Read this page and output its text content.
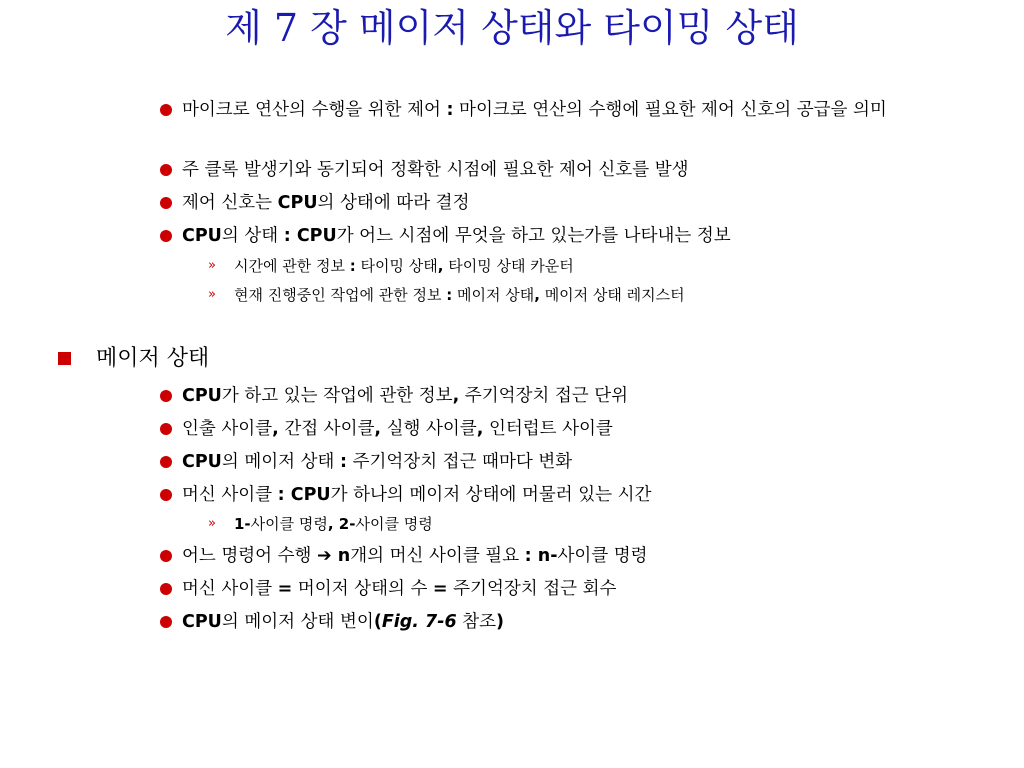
제 7 장 메이저 상태와 타이밍 상태
마이크로 연산의 수행을 위한 제어 : 마이크로 연산의 수행에 필요한 제어 신호의 공급을 의미
주 클록 발생기와 동기되어 정확한 시점에 필요한 제어 신호를 발생
제어 신호는 CPU의 상태에 따라 결정
CPU의 상태 : CPU가 어느 시점에 무엇을 하고 있는가를 나타내는 정보
» 시간에 관한 정보 : 타이밍 상태, 타이밍 상태 카운터
» 현재 진행중인 작업에 관한 정보 : 메이저 상태, 메이저 상태 레지스터
메이저 상태
CPU가 하고 있는 작업에 관한 정보, 주기억장치 접근 단위
인출 사이클, 간접 사이클, 실행 사이클, 인터럽트 사이클
CPU의 메이저 상태 : 주기억장치 접근 때마다 변화
머신 사이클 : CPU가 하나의 메이저 상태에 머물러 있는 시간
» 1-사이클 명령, 2-사이클 명령
어느 명령어 수행 ➔ n개의 머신 사이클 필요 : n-사이클 명령
머신 사이클 = 머이저 상태의 수 = 주기억장치 접근 회수
CPU의 메이저 상태 변이(Fig. 7-6 참조)
